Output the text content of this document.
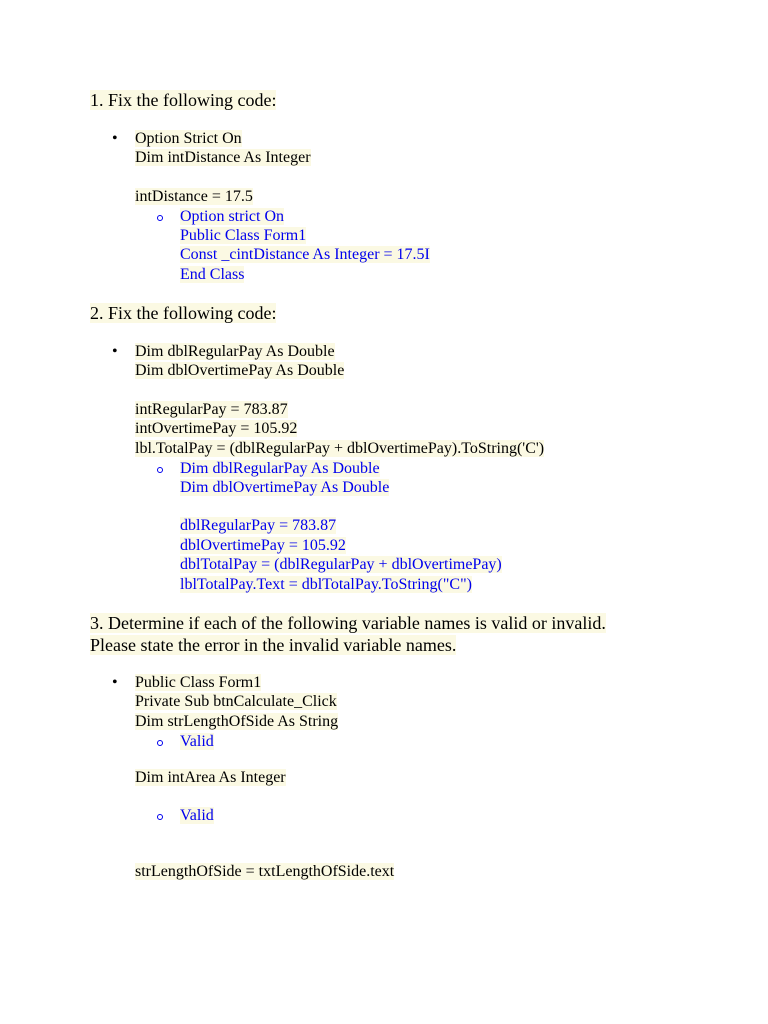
1. Fix the following code:
• Option Strict On
Dim intDistance As Integer
intDistance = 17.5
Option strict On
Public Class Form1
Const _cintDistance As Integer = 17.5I
End Class
2. Fix the following code:
• Dim dblRegularPay As Double
Dim dblOvertimePay As Double
intRegularPay = 783.87
intOvertimePay = 105.92
lbl.TotalPay = (dblRegularPay + dblOvertimePay).ToString('C')
Dim dblRegularPay As Double
Dim dblOvertimePay As Double
dblRegularPay = 783.87
dblOvertimePay = 105.92
dblTotalPay = (dblRegularPay + dblOvertimePay)
lblTotalPay.Text = dblTotalPay.ToString("C")
3. Determine if each of the following variable names is valid or invalid.
Please state the error in the invalid variable names.
• Public Class Form1
Private Sub btnCalculate_Click
Dim strLengthOfSide As String
Valid
Dim intArea As Integer
Valid
strLengthOfSide = txtLengthOfSide.text
